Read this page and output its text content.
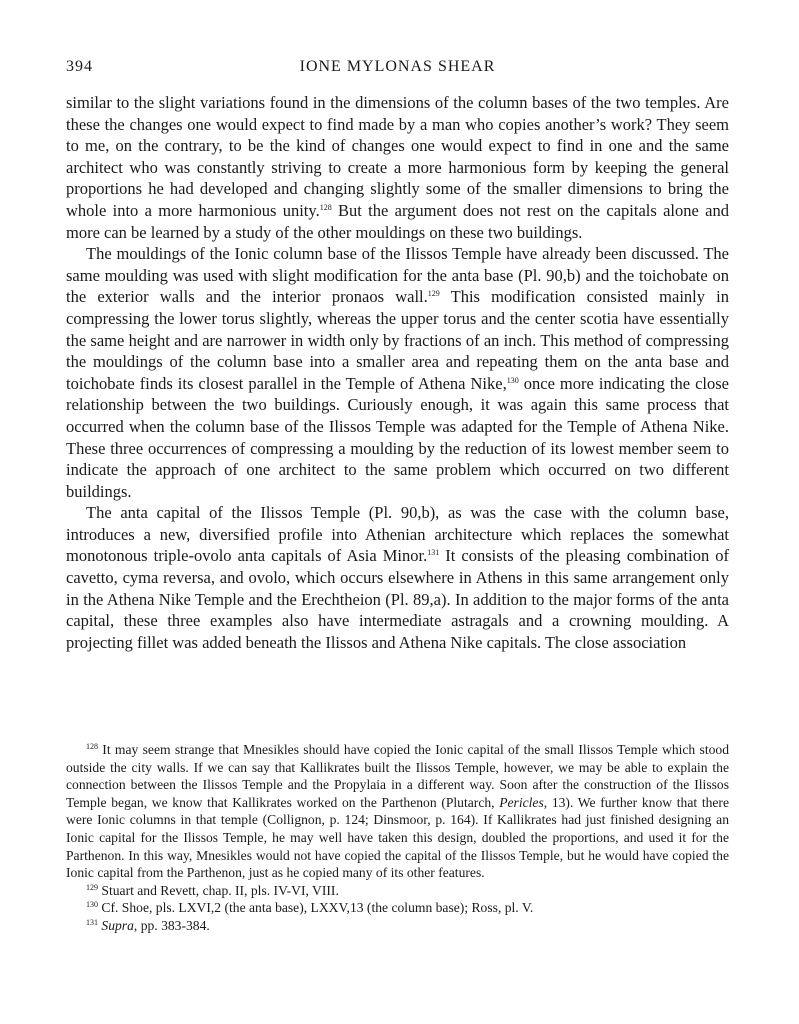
394	IONE MYLONAS SHEAR

similar to the slight variations found in the dimensions of the column bases of the two temples. Are these the changes one would expect to find made by a man who copies another’s work? They seem to me, on the contrary, to be the kind of changes one would expect to find in one and the same architect who was constantly striving to create a more harmonious form by keeping the general proportions he had developed and changing slightly some of the smaller dimensions to bring the whole into a more harmonious unity.$^{128}$ But the argument does not rest on the capitals alone and more can be learned by a study of the other mouldings on these two buildings.

The mouldings of the Ionic column base of the Ilissos Temple have already been discussed. The same moulding was used with slight modification for the anta base (Pl. 90,b) and the toichobate on the exterior walls and the interior pronaos wall.$^{129}$ This modification consisted mainly in compressing the lower torus slightly, whereas the upper torus and the center scotia have essentially the same height and are narrower in width only by fractions of an inch. This method of compressing the mouldings of the column base into a smaller area and repeating them on the anta base and toichobate finds its closest parallel in the Temple of Athena Nike,$^{130}$ once more indicating the close relationship between the two buildings. Curiously enough, it was again this same process that occurred when the column base of the Ilissos Temple was adapted for the Temple of Athena Nike. These three occurrences of compressing a moulding by the reduction of its lowest member seem to indicate the approach of one architect to the same problem which occurred on two different buildings.

The anta capital of the Ilissos Temple (Pl. 90,b), as was the case with the column base, introduces a new, diversified profile into Athenian architecture which replaces the somewhat monotonous triple-ovolo anta capitals of Asia Minor.$^{131}$ It consists of the pleasing combination of cavetto, cyma reversa, and ovolo, which occurs elsewhere in Athens in this same arrangement only in the Athena Nike Temple and the Erechtheion (Pl. 89,a). In addition to the major forms of the anta capital, these three examples also have intermediate astragals and a crowning moulding. A projecting fillet was added beneath the Ilissos and Athena Nike capitals. The close association

$^{128}$ It may seem strange that Mnesikles should have copied the Ionic capital of the small Ilissos Temple which stood outside the city walls. If we can say that Kallikrates built the Ilissos Temple, however, we may be able to explain the connection between the Ilissos Temple and the Propylaia in a different way. Soon after the construction of the Ilissos Temple began, we know that Kallikrates worked on the Parthenon (Plutarch, Pericles, 13). We further know that there were Ionic columns in that temple (Collignon, p. 124; Dinsmoor, p. 164). If Kallikrates had just finished designing an Ionic capital for the Ilissos Temple, he may well have taken this design, doubled the proportions, and used it for the Parthenon. In this way, Mnesikles would not have copied the capital of the Ilissos Temple, but he would have copied the Ionic capital from the Parthenon, just as he copied many of its other features.

$^{129}$ Stuart and Revett, chap. II, pls. IV-VI, VIII.

$^{130}$ Cf. Shoe, pls. LXVI,2 (the anta base), LXXV,13 (the column base); Ross, pl. V.

$^{131}$ Supra, pp. 383-384.
